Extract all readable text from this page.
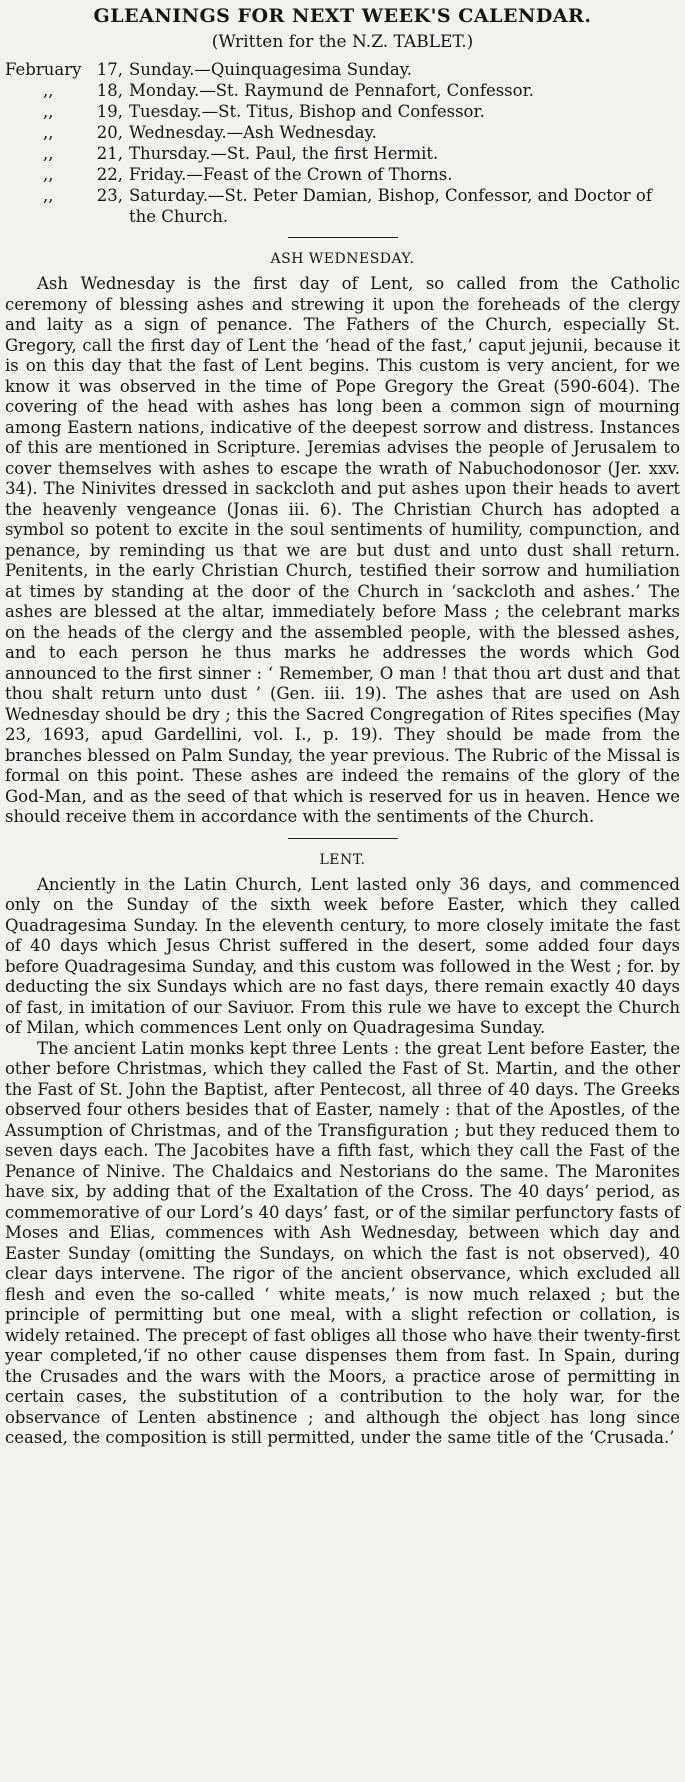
GLEANINGS FOR NEXT WEEK'S CALENDAR.
(Written for the N.Z. TABLET.)
February 17, Sunday.—Quinquagesima Sunday.
,,	18, Monday.—St. Raymund de Pennafort, Confessor.
,,	19, Tuesday.—St. Titus, Bishop and Confessor.
,,	20, Wednesday.—Ash Wednesday.
,,	21, Thursday.—St. Paul, the first Hermit.
,,	22, Friday.—Feast of the Crown of Thorns.
,,	23, Saturday.—St. Peter Damian, Bishop, Confessor, and Doctor of the Church.
ASH WEDNESDAY.

Ash Wednesday is the first day of Lent, so called from the Catholic ceremony of blessing ashes and strewing it upon the foreheads of the clergy and laity as a sign of penance. The Fathers of the Church, especially St. Gregory, call the first day of Lent the ‘head of the fast,’ caput jejunii, because it is on this day that the fast of Lent begins. This custom is very ancient, for we know it was observed in the time of Pope Gregory the Great (590-604). The covering of the head with ashes has long been a common sign of mourning among Eastern nations, indicative of the deepest sorrow and distress. Instances of this are mentioned in Scripture. Jeremias advises the people of Jerusalem to cover themselves with ashes to escape the wrath of Nabuchodonosor (Jer. xxv. 34). The Ninivites dressed in sackcloth and put ashes upon their heads to avert the heavenly vengeance (Jonas iii. 6). The Christian Church has adopted a symbol so potent to excite in the soul sentiments of humility, compunction, and penance, by reminding us that we are but dust and unto dust shall return. Penitents, in the early Christian Church, testified their sorrow and humiliation at times by standing at the door of the Church in ‘sackcloth and ashes.’ The ashes are blessed at the altar, immediately before Mass ; the celebrant marks on the heads of the clergy and the assembled people, with the blessed ashes, and to each person he thus marks he addresses the words which God announced to the first sinner : ‘ Remember, O man ! that thou art dust and that thou shalt return unto dust ’ (Gen. iii. 19). The ashes that are used on Ash Wednesday should be dry ; this the Sacred Congregation of Rites specifies (May 23, 1693, apud Gardellini, vol. I., p. 19). They should be made from the branches blessed on Palm Sunday, the year previous. The Rubric of the Missal is formal on this point. These ashes are indeed the remains of the glory of the God-Man, and as the seed of that which is reserved for us in heaven. Hence we should receive them in accordance with the sentiments of the Church.

LENT.

Anciently in the Latin Church, Lent lasted only 36 days, and commenced only on the Sunday of the sixth week before Easter, which they called Quadragesima Sunday. In the eleventh century, to more closely imitate the fast of 40 days which Jesus Christ suffered in the desert, some added four days before Quadragesima Sunday, and this custom was followed in the West ; for. by deducting the six Sundays which are no fast days, there remain exactly 40 days of fast, in imitation of our Saviuor. From this rule we have to except the Church of Milan, which commences Lent only on Quadragesima Sunday.

The ancient Latin monks kept three Lents : the great Lent before Easter, the other before Christmas, which they called the Fast of St. Martin, and the other the Fast of St. John the Baptist, after Pentecost, all three of 40 days. The Greeks observed four others besides that of Easter, namely : that of the Apostles, of the Assumption of Christmas, and of the Transfiguration ; but they reduced them to seven days each. The Jacobites have a fifth fast, which they call the Fast of the Penance of Ninive. The Chaldaics and Nestorians do the same. The Maronites have six, by adding that of the Exaltation of the Cross. The 40 days’ period, as commemorative of our Lord’s 40 days’ fast, or of the similar perfunctory fasts of Moses and Elias, commences with Ash Wednesday, between which day and Easter Sunday (omitting the Sundays, on which the fast is not observed), 40 clear days intervene. The rigor of the ancient observance, which excluded all flesh and even the so-called ‘ white meats,’ is now much relaxed ; but the principle of permitting but one meal, with a slight refection or collation, is widely retained. The precept of fast obliges all those who have their twenty-first year completed,‘if no other cause dispenses them from fast. In Spain, during the Crusades and the wars with the Moors, a practice arose of permitting in certain cases, the substitution of a contribution to the holy war, for the observance of Lenten abstinence ; and although the object has long since ceased, the composition is still permitted, under the same title of the ‘Crusada.’
